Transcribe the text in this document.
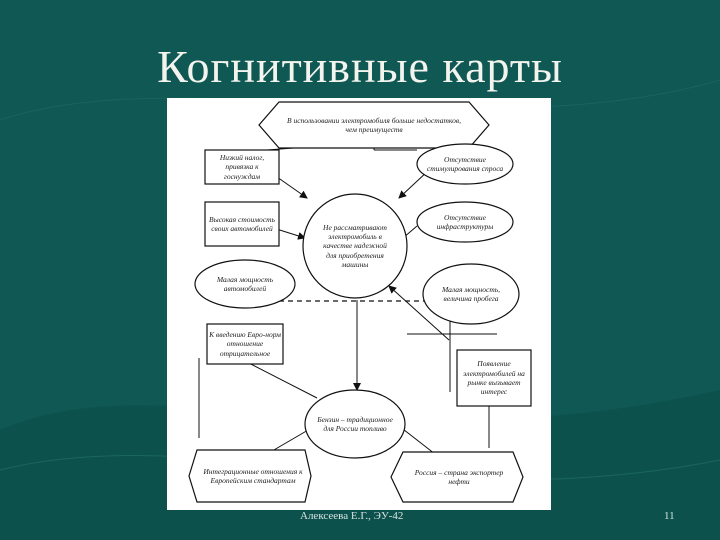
Когнитивные карты
В использовании электромобиля больше недостатков, чем преимуществ
Низкий налог, привязка к госнуждам
Высокая стоимость своих автомобилей
Отсутствие стимулирования спроса
Отсутствие инфраструктуры
Не рассматривают электромобиль в качестве надежной для приобретения машины
Малая мощность автомобилей	Малая мощность, величина пробега
К введению Евро-норм отношение отрицательное
Появление электромобилей на рынке вызывает интерес
Бензин – традиционное для России топливо
Интеграционные отношения к Европейским стандартам
Россия – страна экспортер нефти
Алексеева Е.Г., ЭУ-42	11
